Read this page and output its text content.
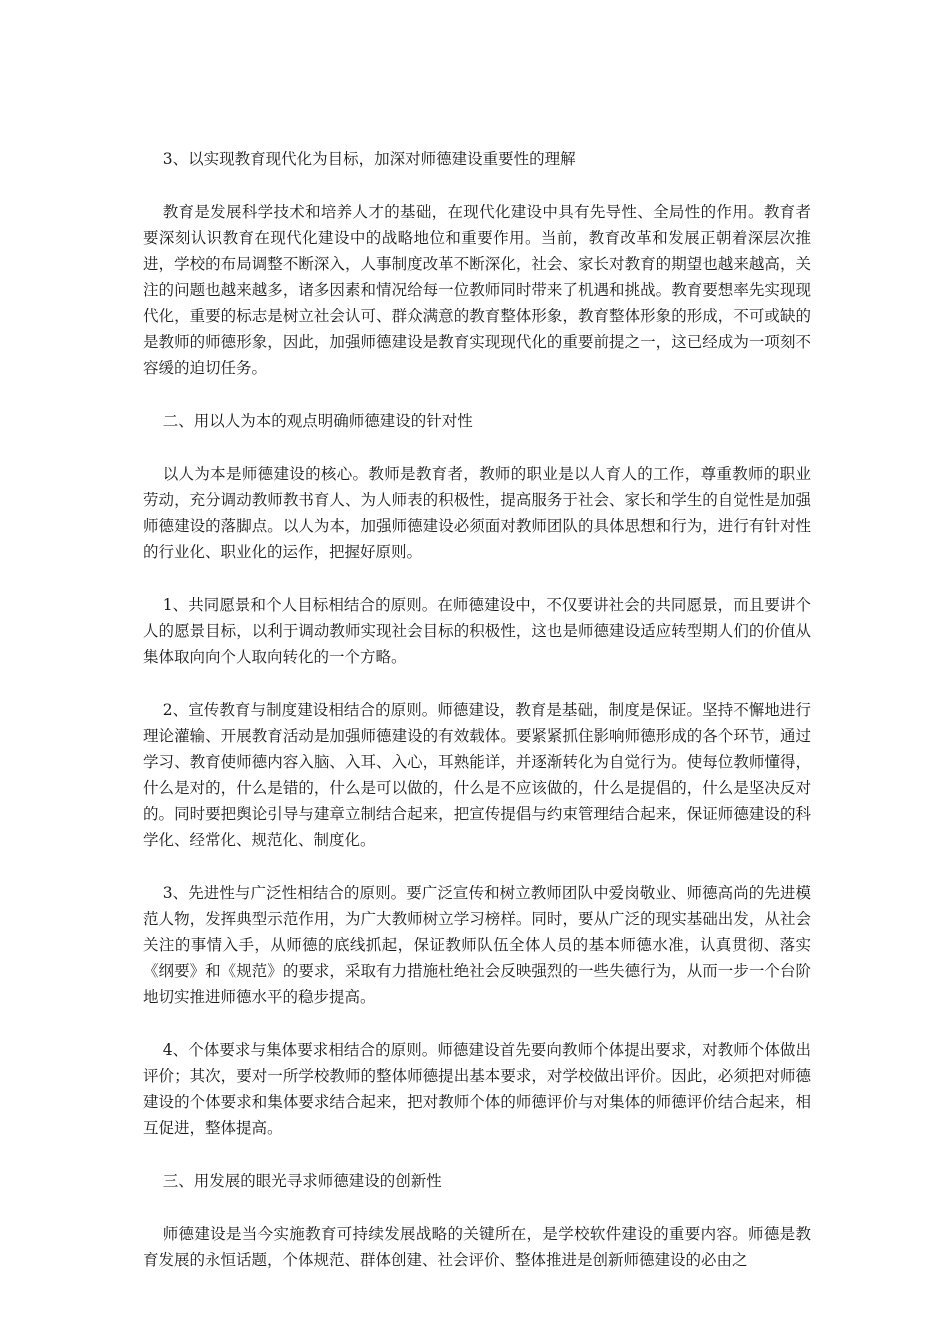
3、以实现教育现代化为目标，加深对师德建设重要性的理解

教育是发展科学技术和培养人才的基础，在现代化建设中具有先导性、全局性的作用。教育者要深刻认识教育在现代化建设中的战略地位和重要作用。当前，教育改革和发展正朝着深层次推进，学校的布局调整不断深入，人事制度改革不断深化，社会、家长对教育的期望也越来越高，关注的问题也越来越多，诸多因素和情况给每一位教师同时带来了机遇和挑战。教育要想率先实现现代化，重要的标志是树立社会认可、群众满意的教育整体形象，教育整体形象的形成，不可或缺的是教师的师德形象，因此，加强师德建设是教育实现现代化的重要前提之一，这已经成为一项刻不容缓的迫切任务。

二、用以人为本的观点明确师德建设的针对性

以人为本是师德建设的核心。教师是教育者，教师的职业是以人育人的工作，尊重教师的职业劳动，充分调动教师教书育人、为人师表的积极性，提高服务于社会、家长和学生的自觉性是加强师德建设的落脚点。以人为本，加强师德建设必须面对教师团队的具体思想和行为，进行有针对性的行业化、职业化的运作，把握好原则。

1、共同愿景和个人目标相结合的原则。在师德建设中，不仅要讲社会的共同愿景，而且要讲个人的愿景目标，以利于调动教师实现社会目标的积极性，这也是师德建设适应转型期人们的价值从集体取向向个人取向转化的一个方略。

2、宣传教育与制度建设相结合的原则。师德建设，教育是基础，制度是保证。坚持不懈地进行理论灌输、开展教育活动是加强师德建设的有效载体。要紧紧抓住影响师德形成的各个环节，通过学习、教育使师德内容入脑、入耳、入心，耳熟能详，并逐渐转化为自觉行为。使每位教师懂得，什么是对的，什么是错的，什么是可以做的，什么是不应该做的，什么是提倡的，什么是坚决反对的。同时要把舆论引导与建章立制结合起来，把宣传提倡与约束管理结合起来，保证师德建设的科学化、经常化、规范化、制度化。

3、先进性与广泛性相结合的原则。要广泛宣传和树立教师团队中爱岗敬业、师德高尚的先进模范人物，发挥典型示范作用，为广大教师树立学习榜样。同时，要从广泛的现实基础出发，从社会关注的事情入手，从师德的底线抓起，保证教师队伍全体人员的基本师德水准，认真贯彻、落实《纲要》和《规范》的要求，采取有力措施杜绝社会反映强烈的一些失德行为，从而一步一个台阶地切实推进师德水平的稳步提高。

4、个体要求与集体要求相结合的原则。师德建设首先要向教师个体提出要求，对教师个体做出评价；其次，要对一所学校教师的整体师德提出基本要求，对学校做出评价。因此，必须把对师德建设的个体要求和集体要求结合起来，把对教师个体的师德评价与对集体的师德评价结合起来，相互促进，整体提高。

三、用发展的眼光寻求师德建设的创新性

师德建设是当今实施教育可持续发展战略的关键所在，是学校软件建设的重要内容。师德是教育发展的永恒话题，个体规范、群体创建、社会评价、整体推进是创新师德建设的必由之
